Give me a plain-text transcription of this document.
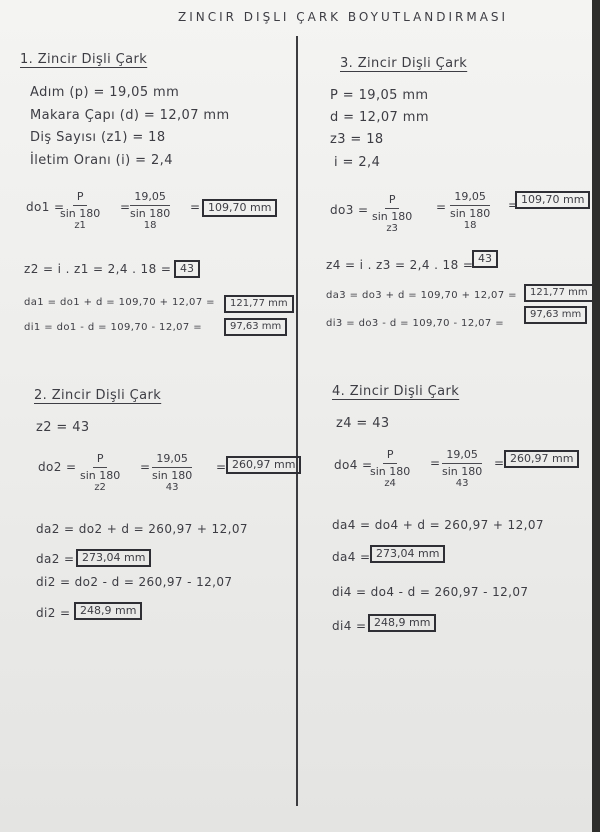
ZINCIR DIŞLI ÇARK BOYUTLANDIRMASI
1. Zincir Dişli Çark
Adım (p) = 19,05 mm
Makara Çapı (d) = 12,07 mm
Diş Sayısı (z1) = 18
İletim Oranı (i) = 2,4
do1 =
P
sin 180
z1 = 19,05
sin 180
18 = 109,70 mm
z2 = i . z1 = 2,4 . 18 = 43
da1 = do1 + d = 109,70 + 12,07 =	121,77 mm
di1 = do1 - d = 109,70 - 12,07 =	97,63 mm
2. Zincir Dişli Çark
z2 = 43
do2 = P
sin 180
z2 = 19,05
sin 180
43 = 260,97 mm
da2 = do2 + d = 260,97 + 12,07
da2 = 273,04 mm
di2 = do2 - d = 260,97 - 12,07
di2 = 248,9 mm
3. Zincir Dişli Çark
P = 19,05 mm
d = 12,07 mm
z3 = 18
i = 2,4
do3 = P
sin 180
z3 = 19,05
sin 180
18 = 109,70 mm
z4 = i . z3 = 2,4 . 18 = 43
da3 = do3 + d = 109,70 + 12,07 =	121,77 mm
di3 = do3 - d = 109,70 - 12,07 =
97,63 mm
4. Zincir Dişli Çark
z4 = 43
do4 =
P
sin 180
z4 = 19,05
sin 180
43 = 260,97 mm
da4 = do4 + d = 260,97 + 12,07
da4 = 273,04 mm
di4 = do4 - d = 260,97 - 12,07
di4 = 248,9 mm
